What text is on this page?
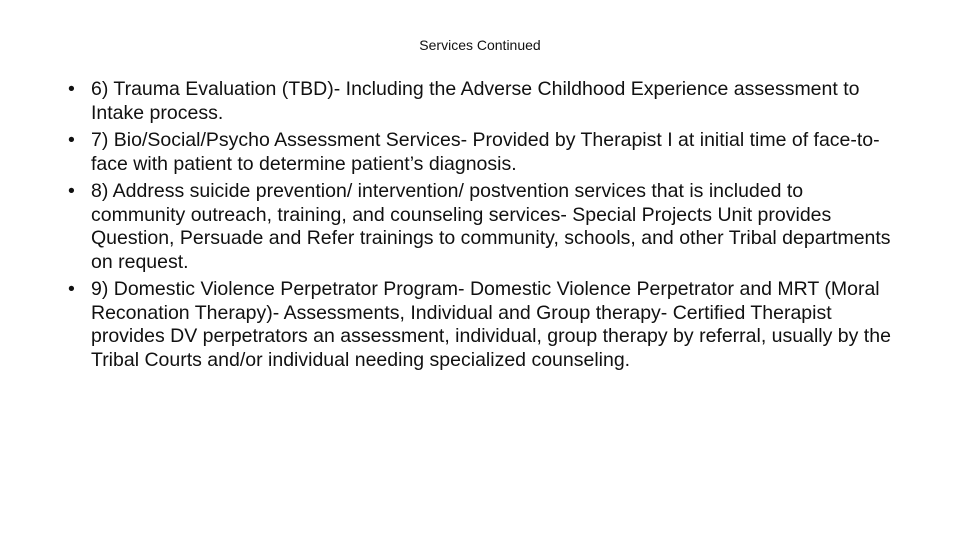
Services Continued
• 6) Trauma Evaluation (TBD)- Including the Adverse Childhood Experience assessment to Intake process.
• 7) Bio/Social/Psycho Assessment Services- Provided by Therapist I at initial time of face-to-face with patient to determine patient’s diagnosis.
• 8) Address suicide prevention/ intervention/ postvention services that is included to community outreach, training, and counseling services- Special Projects Unit provides Question, Persuade and Refer trainings to community, schools, and other Tribal departments on request.
• 9) Domestic Violence Perpetrator Program- Domestic Violence Perpetrator and MRT (Moral Reconation Therapy)- Assessments, Individual and Group therapy- Certified Therapist provides DV perpetrators an assessment, individual, group therapy by referral, usually by the Tribal Courts and/or individual needing specialized counseling.
